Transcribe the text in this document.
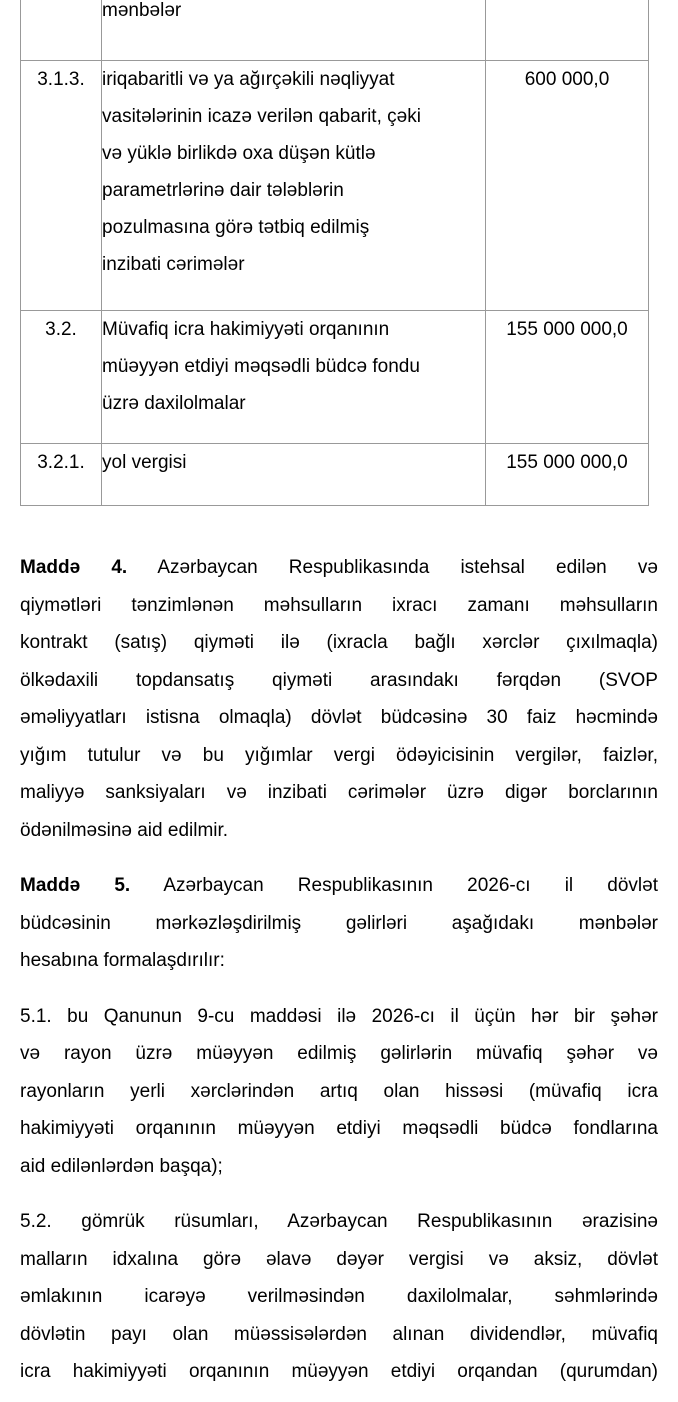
	mənbələr	

3.1.3.	iriqabaritli və ya ağırçəkili nəqliyyat
vasitələrinin icazə verilən qabarit, çəki
və yüklə birlikdə oxa düşən kütlə
parametrlərinə dair tələblərin
pozulmasına görə tətbiq edilmiş
inzibati cərimələr
	600 000,0
3.2.	Müvafiq icra hakimiyyəti orqanının
müəyyən etdiyi məqsədli büdcə fondu
üzrə daxilolmalar	155 000 000,0
3.2.1.	yol vergisi	155 000 000,0
Maddə 4. Azərbaycan Respublikasında istehsal edilən və
qiymətləri tənzimlənən məhsulların ixracı zamanı məhsulların
kontrakt (satış) qiyməti ilə (ixracla bağlı xərclər çıxılmaqla)
ölkədaxili topdansatış qiyməti arasındakı fərqdən (SVOP
əməliyyatları istisna olmaqla) dövlət büdcəsinə 30 faiz həcmində
yığım tutulur və bu yığımlar vergi ödəyicisinin vergilər, faizlər,
maliyyə sanksiyaları və inzibati cərimələr üzrə digər borclarının
ödənilməsinə aid edilmir.
Maddə 5. Azərbaycan Respublikasının 2026-cı il dövlət
büdcəsinin mərkəzləşdirilmiş gəlirləri aşağıdakı mənbələr
hesabına formalaşdırılır:
5.1. bu Qanunun 9-cu maddəsi ilə 2026-cı il üçün hər bir şəhər
və rayon üzrə müəyyən edilmiş gəlirlərin müvafiq şəhər və
rayonların yerli xərclərindən artıq olan hissəsi (müvafiq icra
hakimiyyəti orqanının müəyyən etdiyi məqsədli büdcə fondlarına
aid edilənlərdən başqa);
5.2. gömrük rüsumları, Azərbaycan Respublikasının ərazisinə
malların idxalına görə əlavə dəyər vergisi və aksiz, dövlət
əmlakının icarəyə verilməsindən daxilolmalar, səhmlərində
dövlətin payı olan müəssisələrdən alınan dividendlər, müvafiq
icra hakimiyyəti orqanının müəyyən etdiyi orqandan (qurumdan)
